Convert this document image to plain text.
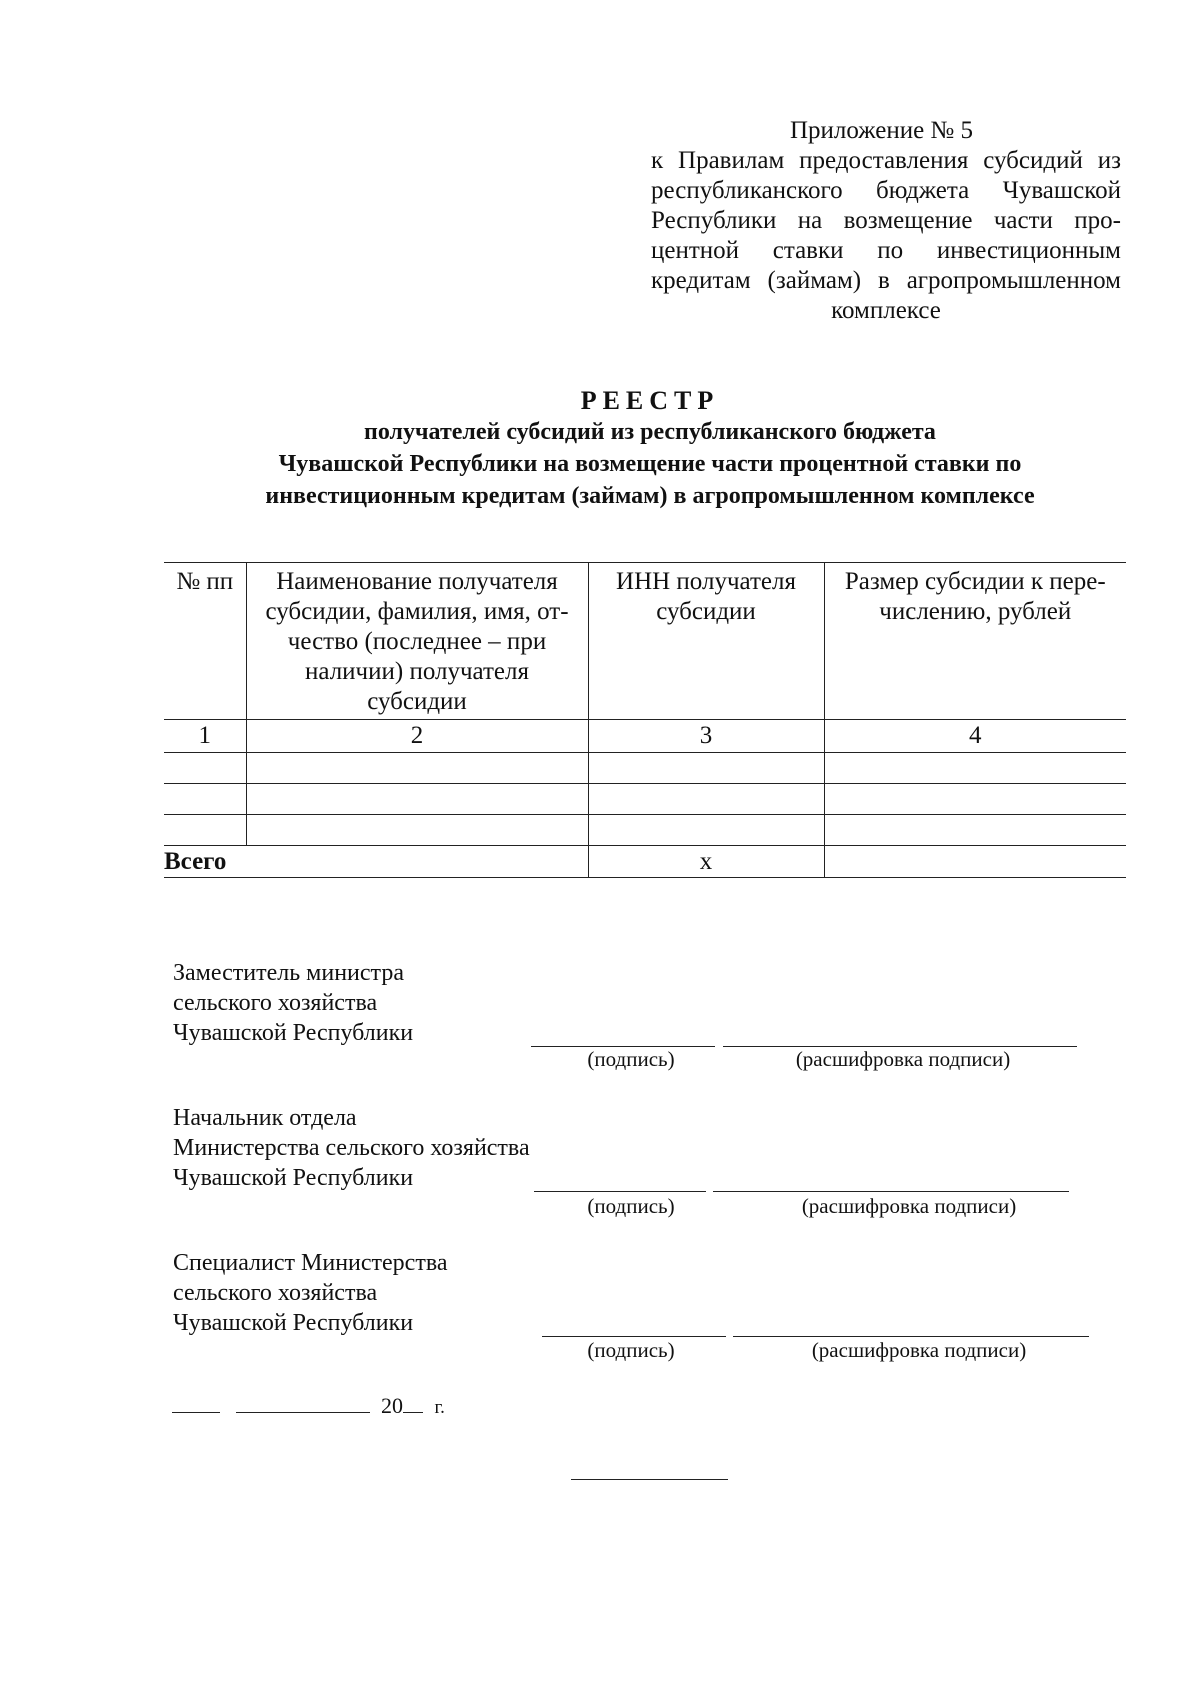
Приложение № 5
к Правилам предоставления субсидий из
республиканского бюджета Чувашской
Республики на возмещение части про-
центной ставки по инвестиционным
кредитам (займам) в агропромышленном
комплексе
РЕЕСТР
получателей субсидий из республиканского бюджета
Чувашской Республики на возмещение части процентной ставки по
инвестиционным кредитам (займам) в агропромышленном комплексе
№ пп	Наименование получателя субсидии, фамилия, имя, от-чество (последнее – при наличии) получателя субсидии	ИНН получателя субсидии	Размер субсидии к пере-числению, рублей
1	2	3	4

Всего		х	
Заместитель министра
сельского хозяйства
Чувашской Республики
(подпись)	(расшифровка подписи)
Начальник отдела
Министерства сельского хозяйства
Чувашской Республики
(подпись)	(расшифровка подписи)
Специалист Министерства
сельского хозяйства
Чувашской Республики
(подпись)	(расшифровка подписи)
20 г.
